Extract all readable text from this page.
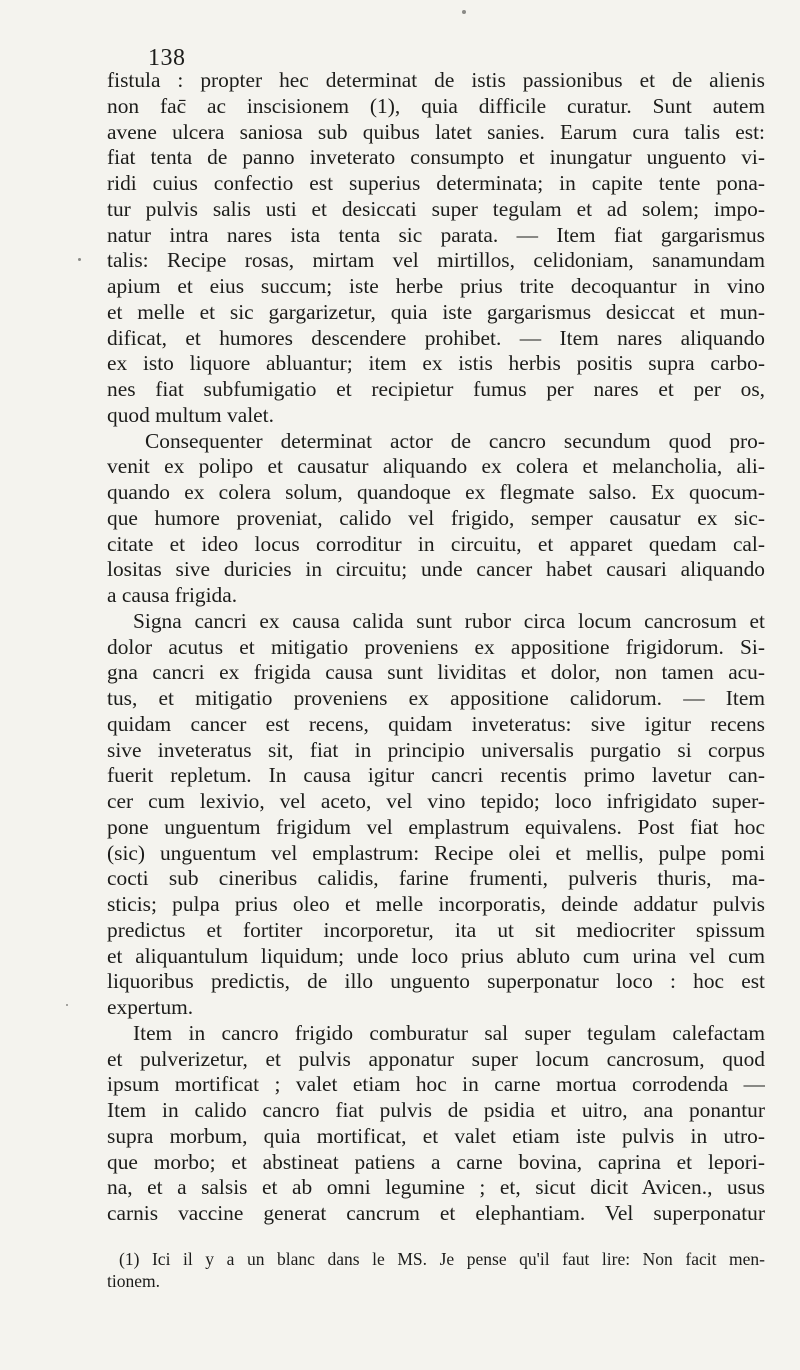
138
fistula : propter hec determinat de istis passionibus et de alienis
non fac̄ ac inscisionem (1), quia difficile curatur. Sunt autem
avene ulcera saniosa sub quibus latet sanies. Earum cura talis est:
fiat tenta de panno inveterato consumpto et inungatur unguento vi-
ridi cuius confectio est superius determinata; in capite tente pona-
tur pulvis salis usti et desiccati super tegulam et ad solem; impo-
natur intra nares ista tenta sic parata. — Item fiat gargarismus
talis: Recipe rosas, mirtam vel mirtillos, celidoniam, sanamundam
apium et eius succum; iste herbe prius trite decoquantur in vino
et melle et sic gargarizetur, quia iste gargarismus desiccat et mun-
dificat, et humores descendere prohibet. — Item nares aliquando
ex isto liquore abluantur; item ex istis herbis positis supra carbo-
nes fiat subfumigatio et recipietur fumus per nares et per os,
quod multum valet.
Consequenter determinat actor de cancro secundum quod pro-
venit ex polipo et causatur aliquando ex colera et melancholia, ali-
quando ex colera solum, quandoque ex flegmate salso. Ex quocum-
que humore proveniat, calido vel frigido, semper causatur ex sic-
citate et ideo locus corroditur in circuitu, et apparet quedam cal-
lositas sive duricies in circuitu; unde cancer habet causari aliquando
a causa frigida.
Signa cancri ex causa calida sunt rubor circa locum cancrosum et
dolor acutus et mitigatio proveniens ex appositione frigidorum. Si-
gna cancri ex frigida causa sunt lividitas et dolor, non tamen acu-
tus, et mitigatio proveniens ex appositione calidorum. — Item
quidam cancer est recens, quidam inveteratus: sive igitur recens
sive inveteratus sit, fiat in principio universalis purgatio si corpus
fuerit repletum. In causa igitur cancri recentis primo lavetur can-
cer cum lexivio, vel aceto, vel vino tepido; loco infrigidato super-
pone unguentum frigidum vel emplastrum equivalens. Post fiat hoc
(sic) unguentum vel emplastrum: Recipe olei et mellis, pulpe pomi
cocti sub cineribus calidis, farine frumenti, pulveris thuris, ma-
sticis; pulpa prius oleo et melle incorporatis, deinde addatur pulvis
predictus et fortiter incorporetur, ita ut sit mediocriter spissum
et aliquantulum liquidum; unde loco prius abluto cum urina vel cum
liquoribus predictis, de illo unguento superponatur loco : hoc est
expertum.
Item in cancro frigido comburatur sal super tegulam calefactam
et pulverizetur, et pulvis apponatur super locum cancrosum, quod
ipsum mortificat ; valet etiam hoc in carne mortua corrodenda —
Item in calido cancro fiat pulvis de psidia et uitro, ana ponantur
supra morbum, quia mortificat, et valet etiam iste pulvis in utro-
que morbo; et abstineat patiens a carne bovina, caprina et lepori-
na, et a salsis et ab omni legumine ; et, sicut dicit Avicen., usus
carnis vaccine generat cancrum et elephantiam. Vel superponatur
(1) Ici il y a un blanc dans le MS. Je pense qu'il faut lire: Non facit men-
tionem.
